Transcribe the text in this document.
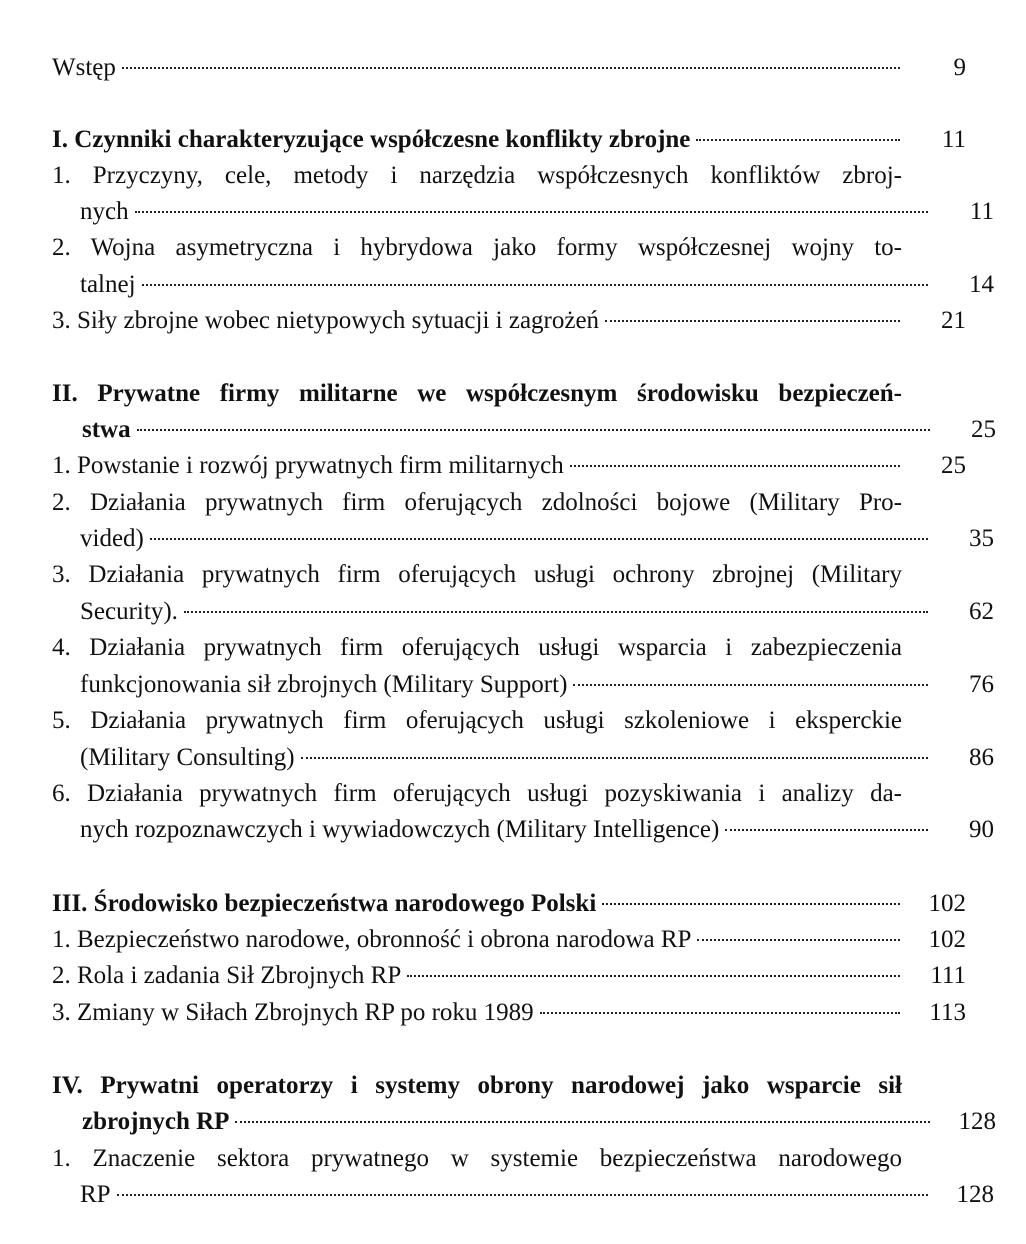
Wstęp	9
I. Czynniki charakteryzujące współczesne konflikty zbrojne	11
1. Przyczyny, cele, metody i narzędzia współczesnych konfliktów zbroj-
nych	11
2. Wojna asymetryczna i hybrydowa jako formy współczesnej wojny to-
talnej	14
3. Siły zbrojne wobec nietypowych sytuacji i zagrożeń	21
II. Prywatne firmy militarne we współczesnym środowisku bezpieczeń-
stwa	25
1. Powstanie i rozwój prywatnych firm militarnych	25
2. Działania prywatnych firm oferujących zdolności bojowe (Military Pro-
vided)	35
3. Działania prywatnych firm oferujących usługi ochrony zbrojnej (Military
Security).	62
4. Działania prywatnych firm oferujących usługi wsparcia i zabezpieczenia
funkcjonowania sił zbrojnych (Military Support)	76
5. Działania prywatnych firm oferujących usługi szkoleniowe i eksperckie
(Military Consulting)	86
6. Działania prywatnych firm oferujących usługi pozyskiwania i analizy da-
nych rozpoznawczych i wywiadowczych (Military Intelligence)	90
III. Środowisko bezpieczeństwa narodowego Polski	102
1. Bezpieczeństwo narodowe, obronność i obrona narodowa RP	102
2. Rola i zadania Sił Zbrojnych RP	111
3. Zmiany w Siłach Zbrojnych RP po roku 1989	113
IV. Prywatni operatorzy i systemy obrony narodowej jako wsparcie sił
zbrojnych RP	128
1. Znaczenie sektora prywatnego w systemie bezpieczeństwa narodowego
RP	128
